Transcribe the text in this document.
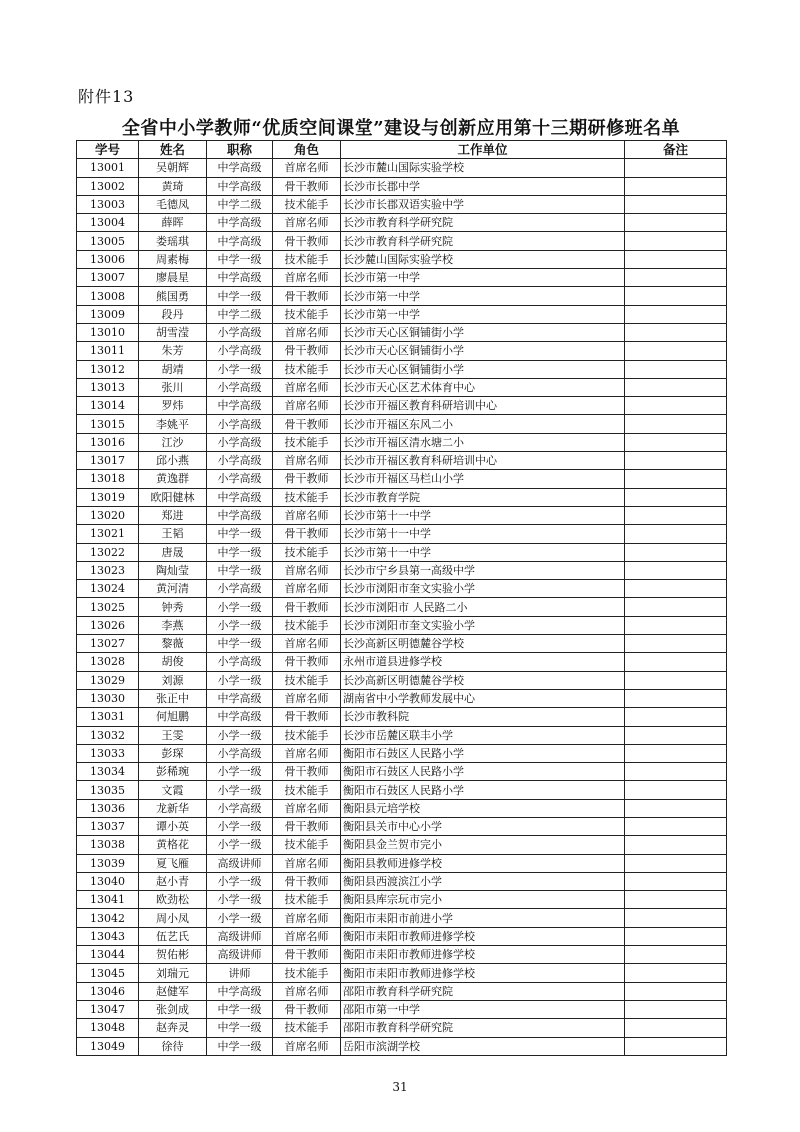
附件13
全省中小学教师“优质空间课堂”建设与创新应用第十三期研修班名单
学号	姓名	职称	角色	工作单位	备注
13001	吴朝辉	中学高级	首席名师	长沙市麓山国际实验学校	
13002	黄琦	中学高级	骨干教师	长沙市长郡中学	
13003	毛德凤	中学二级	技术能手	长沙市长郡双语实验中学	
13004	薛晖	中学高级	首席名师	长沙市教育科学研究院	
13005	娄瑶琪	中学高级	骨干教师	长沙市教育科学研究院	
13006	周素梅	中学一级	技术能手	长沙麓山国际实验学校	
13007	廖晨星	中学高级	首席名师	长沙市第一中学	
13008	熊国勇	中学一级	骨干教师	长沙市第一中学	
13009	段丹	中学二级	技术能手	长沙市第一中学	
13010	胡雪滢	小学高级	首席名师	长沙市天心区铜铺街小学	
13011	朱芳	小学高级	骨干教师	长沙市天心区铜铺街小学	
13012	胡靖	小学一级	技术能手	长沙市天心区铜铺街小学	
13013	张川	小学高级	首席名师	长沙市天心区艺术体育中心	
13014	罗炜	中学高级	首席名师	长沙市开福区教育科研培训中心	
13015	李姚平	小学高级	骨干教师	长沙市开福区东风二小	
13016	江沙	小学高级	技术能手	长沙市开福区清水塘二小	
13017	邱小燕	小学高级	首席名师	长沙市开福区教育科研培训中心	
13018	黄逸群	小学高级	骨干教师	长沙市开福区马栏山小学	
13019	欧阳健林	中学高级	技术能手	长沙市教育学院	
13020	郑进	中学高级	首席名师	长沙市第十一中学	
13021	王韬	中学一级	骨干教师	长沙市第十一中学	
13022	唐晟	中学一级	技术能手	长沙市第十一中学	
13023	陶灿莹	中学一级	首席名师	长沙市宁乡县第一高级中学	
13024	黄河清	小学高级	首席名师	长沙市浏阳市奎文实验小学	
13025	钟秀	小学一级	骨干教师	长沙市浏阳市 人民路二小	
13026	李燕	小学一级	技术能手	长沙市浏阳市奎文实验小学	
13027	黎薇	中学一级	首席名师	长沙高新区明德麓谷学校	
13028	胡俊	小学高级	骨干教师	永州市道县进修学校	
13029	刘源	小学一级	技术能手	长沙高新区明德麓谷学校	
13030	张正中	中学高级	首席名师	湖南省中小学教师发展中心	
13031	何旭鹏	中学高级	骨干教师	长沙市教科院	
13032	王雯	小学一级	技术能手	长沙市岳麓区联丰小学	
13033	彭琛	小学高级	首席名师	衡阳市石鼓区人民路小学	
13034	彭稀琬	小学一级	骨干教师	衡阳市石鼓区人民路小学	
13035	文霞	小学一级	技术能手	衡阳市石鼓区人民路小学	
13036	龙新华	小学高级	首席名师	衡阳县元培学校	
13037	谭小英	小学一级	骨干教师	衡阳县关市中心小学	
13038	黄格花	小学一级	技术能手	衡阳县金兰贺市完小	
13039	夏飞雁	高级讲师	首席名师	衡阳县教师进修学校	
13040	赵小青	小学一级	骨干教师	衡阳县西渡滨江小学	
13041	欧劲松	小学一级	技术能手	衡阳县库宗玩市完小	
13042	周小凤	小学一级	首席名师	衡阳市耒阳市前进小学	
13043	伍艺氏	高级讲师	首席名师	衡阳市耒阳市教师进修学校	
13044	贺佑彬	高级讲师	骨干教师	衡阳市耒阳市教师进修学校	
13045	刘瑞元	讲师	技术能手	衡阳市耒阳市教师进修学校	
13046	赵健军	中学高级	首席名师	邵阳市教育科学研究院	
13047	张剑成	中学一级	骨干教师	邵阳市第一中学	
13048	赵奔灵	中学一级	技术能手	邵阳市教育科学研究院	
13049	徐待	中学一级	首席名师	岳阳市滨湖学校	
31
